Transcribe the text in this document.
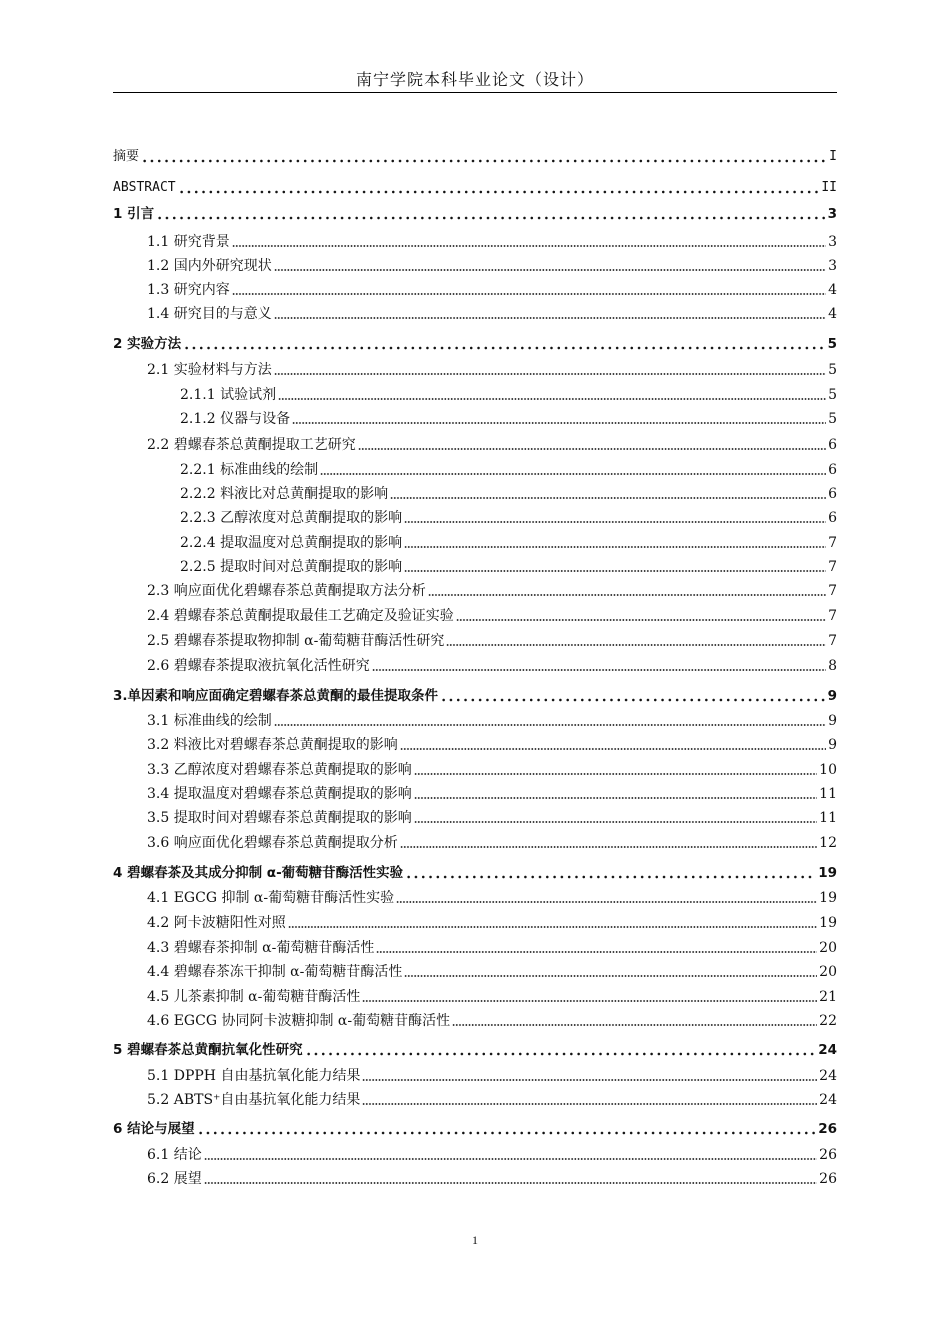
南宁学院本科毕业论文（设计）
摘要	I
ABSTRACT	II
1 引言	3
1.1 研究背景	3
1.2 国内外研究现状	3
1.3 研究内容	4
1.4 研究目的与意义	4
2 实验方法	5
2.1 实验材料与方法	5
2.1.1 试验试剂	5
2.1.2 仪器与设备	5
2.2 碧螺春茶总黄酮提取工艺研究	6
2.2.1 标准曲线的绘制	6
2.2.2 料液比对总黄酮提取的影响	6
2.2.3 乙醇浓度对总黄酮提取的影响	6
2.2.4 提取温度对总黄酮提取的影响	7
2.2.5 提取时间对总黄酮提取的影响	7
2.3 响应面优化碧螺春茶总黄酮提取方法分析	7
2.4 碧螺春茶总黄酮提取最佳工艺确定及验证实验	7
2.5 碧螺春茶提取物抑制 α-葡萄糖苷酶活性研究	7
2.6 碧螺春茶提取液抗氧化活性研究	8
3.单因素和响应面确定碧螺春茶总黄酮的最佳提取条件	9
3.1 标准曲线的绘制	9
3.2 料液比对碧螺春茶总黄酮提取的影响	9
3.3 乙醇浓度对碧螺春茶总黄酮提取的影响	10
3.4 提取温度对碧螺春茶总黄酮提取的影响	11
3.5 提取时间对碧螺春茶总黄酮提取的影响	11
3.6 响应面优化碧螺春茶总黄酮提取分析	12
4 碧螺春茶及其成分抑制 α-葡萄糖苷酶活性实验	19
4.1 EGCG 抑制 α-葡萄糖苷酶活性实验	19
4.2 阿卡波糖阳性对照	19
4.3 碧螺春茶抑制 α-葡萄糖苷酶活性	20
4.4 碧螺春茶冻干抑制 α-葡萄糖苷酶活性	20
4.5 儿茶素抑制 α-葡萄糖苷酶活性	21
4.6 EGCG 协同阿卡波糖抑制 α-葡萄糖苷酶活性	22
5 碧螺春茶总黄酮抗氧化性研究	24
5.1 DPPH 自由基抗氧化能力结果	24
5.2 ABTS⁺自由基抗氧化能力结果	24
6 结论与展望	26
6.1 结论	26
6.2 展望	26
1
